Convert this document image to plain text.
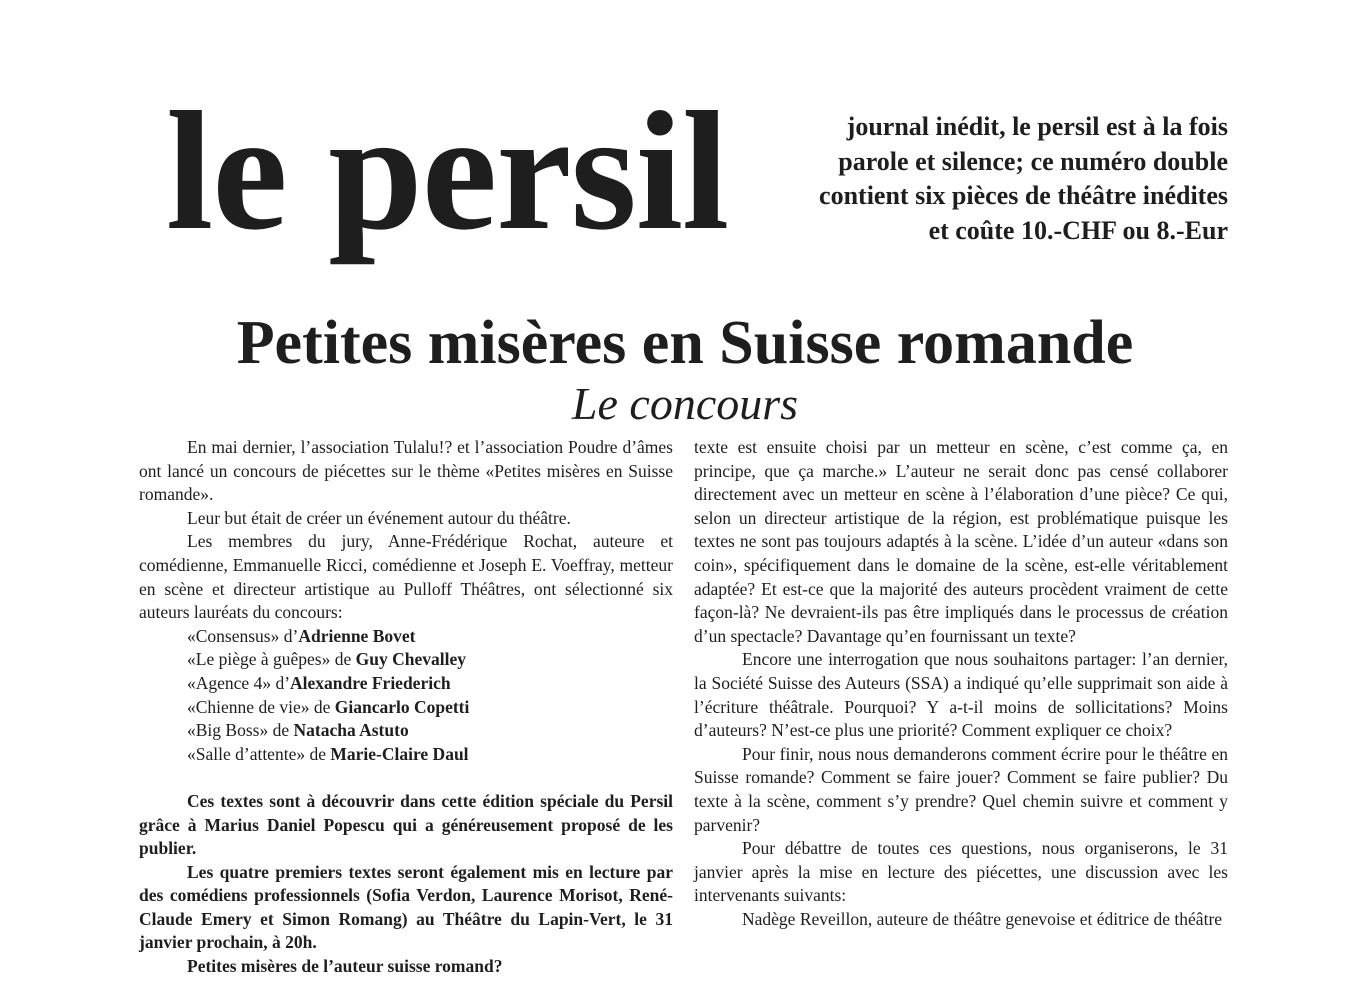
le persil	journal inédit, le persil est à la fois
parole et silence; ce numéro double
contient six pièces de théâtre inédites
et coûte 10.-CHF ou 8.-Eur
Petites misères en Suisse romande
Le concours

En mai dernier, l’association Tulalu!? et l’association Poudre d’âmes ont lancé un concours de piécettes sur le thème «Petites misères en Suisse romande».

Leur but était de créer un événement autour du théâtre.

Les membres du jury, Anne-Frédérique Rochat, auteure et comédienne, Emmanuelle Ricci, comédienne et Joseph E. Voeffray, metteur en scène et directeur artistique au Pulloff Théâtres, ont sélectionné six auteurs lauréats du concours:

«Consensus» d’Adrienne Bovet
«Le piège à guêpes» de Guy Chevalley
«Agence 4» d’Alexandre Friederich
«Chienne de vie» de Giancarlo Copetti
«Big Boss» de Natacha Astuto
«Salle d’attente» de Marie-Claire Daul

Ces textes sont à découvrir dans cette édition spéciale du Persil grâce à Marius Daniel Popescu qui a généreusement proposé de les publier.

Les quatre premiers textes seront également mis en lecture par des comédiens professionnels (Sofia Verdon, Laurence Morisot, René-Claude Emery et Simon Romang) au Théâtre du Lapin-Vert, le 31 janvier prochain, à 20h.

Petites misères de l’auteur suisse romand?

texte est ensuite choisi par un metteur en scène, c’est comme ça, en principe, que ça marche.» L’auteur ne serait donc pas censé collaborer directement avec un metteur en scène à l’élaboration d’une pièce? Ce qui, selon un directeur artistique de la région, est problématique puisque les textes ne sont pas toujours adaptés à la scène. L’idée d’un auteur «dans son coin», spécifiquement dans le domaine de la scène, est-elle véritablement adaptée? Et est-ce que la majorité des auteurs procèdent vraiment de cette façon-là? Ne devraient-ils pas être impliqués dans le processus de création d’un spectacle? Davantage qu’en fournissant un texte?

Encore une interrogation que nous souhaitons partager: l’an dernier, la Société Suisse des Auteurs (SSA) a indiqué qu’elle supprimait son aide à l’écriture théâtrale. Pourquoi? Y a-t-il moins de sollicitations? Moins d’auteurs? N’est-ce plus une priorité? Comment expliquer ce choix?

Pour finir, nous nous demanderons comment écrire pour le théâtre en Suisse romande? Comment se faire jouer? Comment se faire publier? Du texte à la scène, comment s’y prendre? Quel chemin suivre et comment y parvenir?

Pour débattre de toutes ces questions, nous organiserons, le 31 janvier après la mise en lecture des piécettes, une discussion avec les intervenants suivants:

Nadège Reveillon, auteure de théâtre genevoise et éditrice de théâtre
